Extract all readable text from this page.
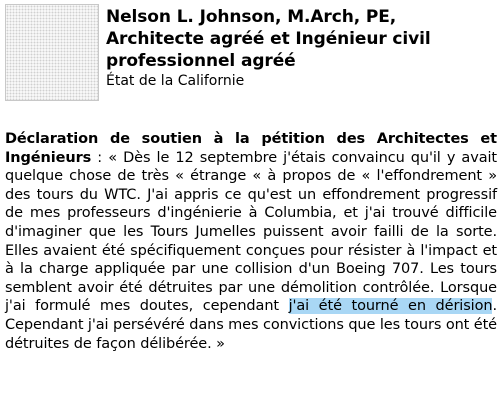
Nelson L. Johnson, M.Arch, PE, Architecte agréé et Ingénieur civil professionnel agréé

État de la Californie

Déclaration de soutien à la pétition des Architectes et Ingénieurs : « Dès le 12 septembre j'étais convaincu qu'il y avait quelque chose de très « étrange « à propos de « l'effondrement » des tours du WTC. J'ai appris ce qu'est un effondrement progressif de mes professeurs d'ingénierie à Columbia, et j'ai trouvé difficile d'imaginer que les Tours Jumelles puissent avoir failli de la sorte. Elles avaient été spécifiquement conçues pour résister à l'impact et à la charge appliquée par une collision d'un Boeing 707. Les tours semblent avoir été détruites par une démolition contrôlée. Lorsque j'ai formulé mes doutes, cependant j'ai été tourné en dérision. Cependant j'ai persévéré dans mes convictions que les tours ont été détruites de façon délibérée. »
